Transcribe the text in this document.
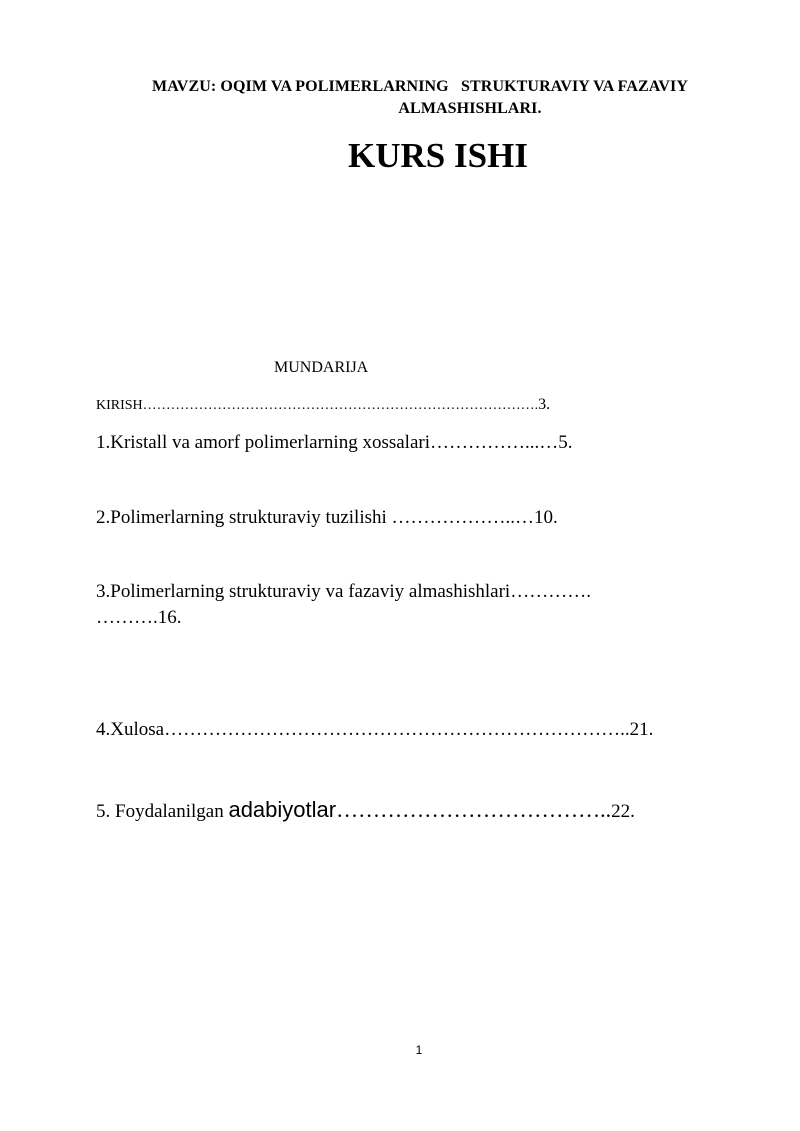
MAVZU: OQIM VA POLIMERLARNING   STRUKTURAVIY VA FAZAVIY
ALMASHISHLARI.
KURS ISHI
MUNDARIJA
KIRISH………………………………………………………………………….3.
1.Kristall va amorf polimerlarning xossalari……………...…5.
2.Polimerlarning strukturaviy tuzilishi ………………..…10.
3.Polimerlarning strukturaviy va fazaviy almashishlari………….
……….16.
4.Xulosa………………………………………………………………..21.
5. Foydalanilgan adabiyotlar………………………………..22.
1
